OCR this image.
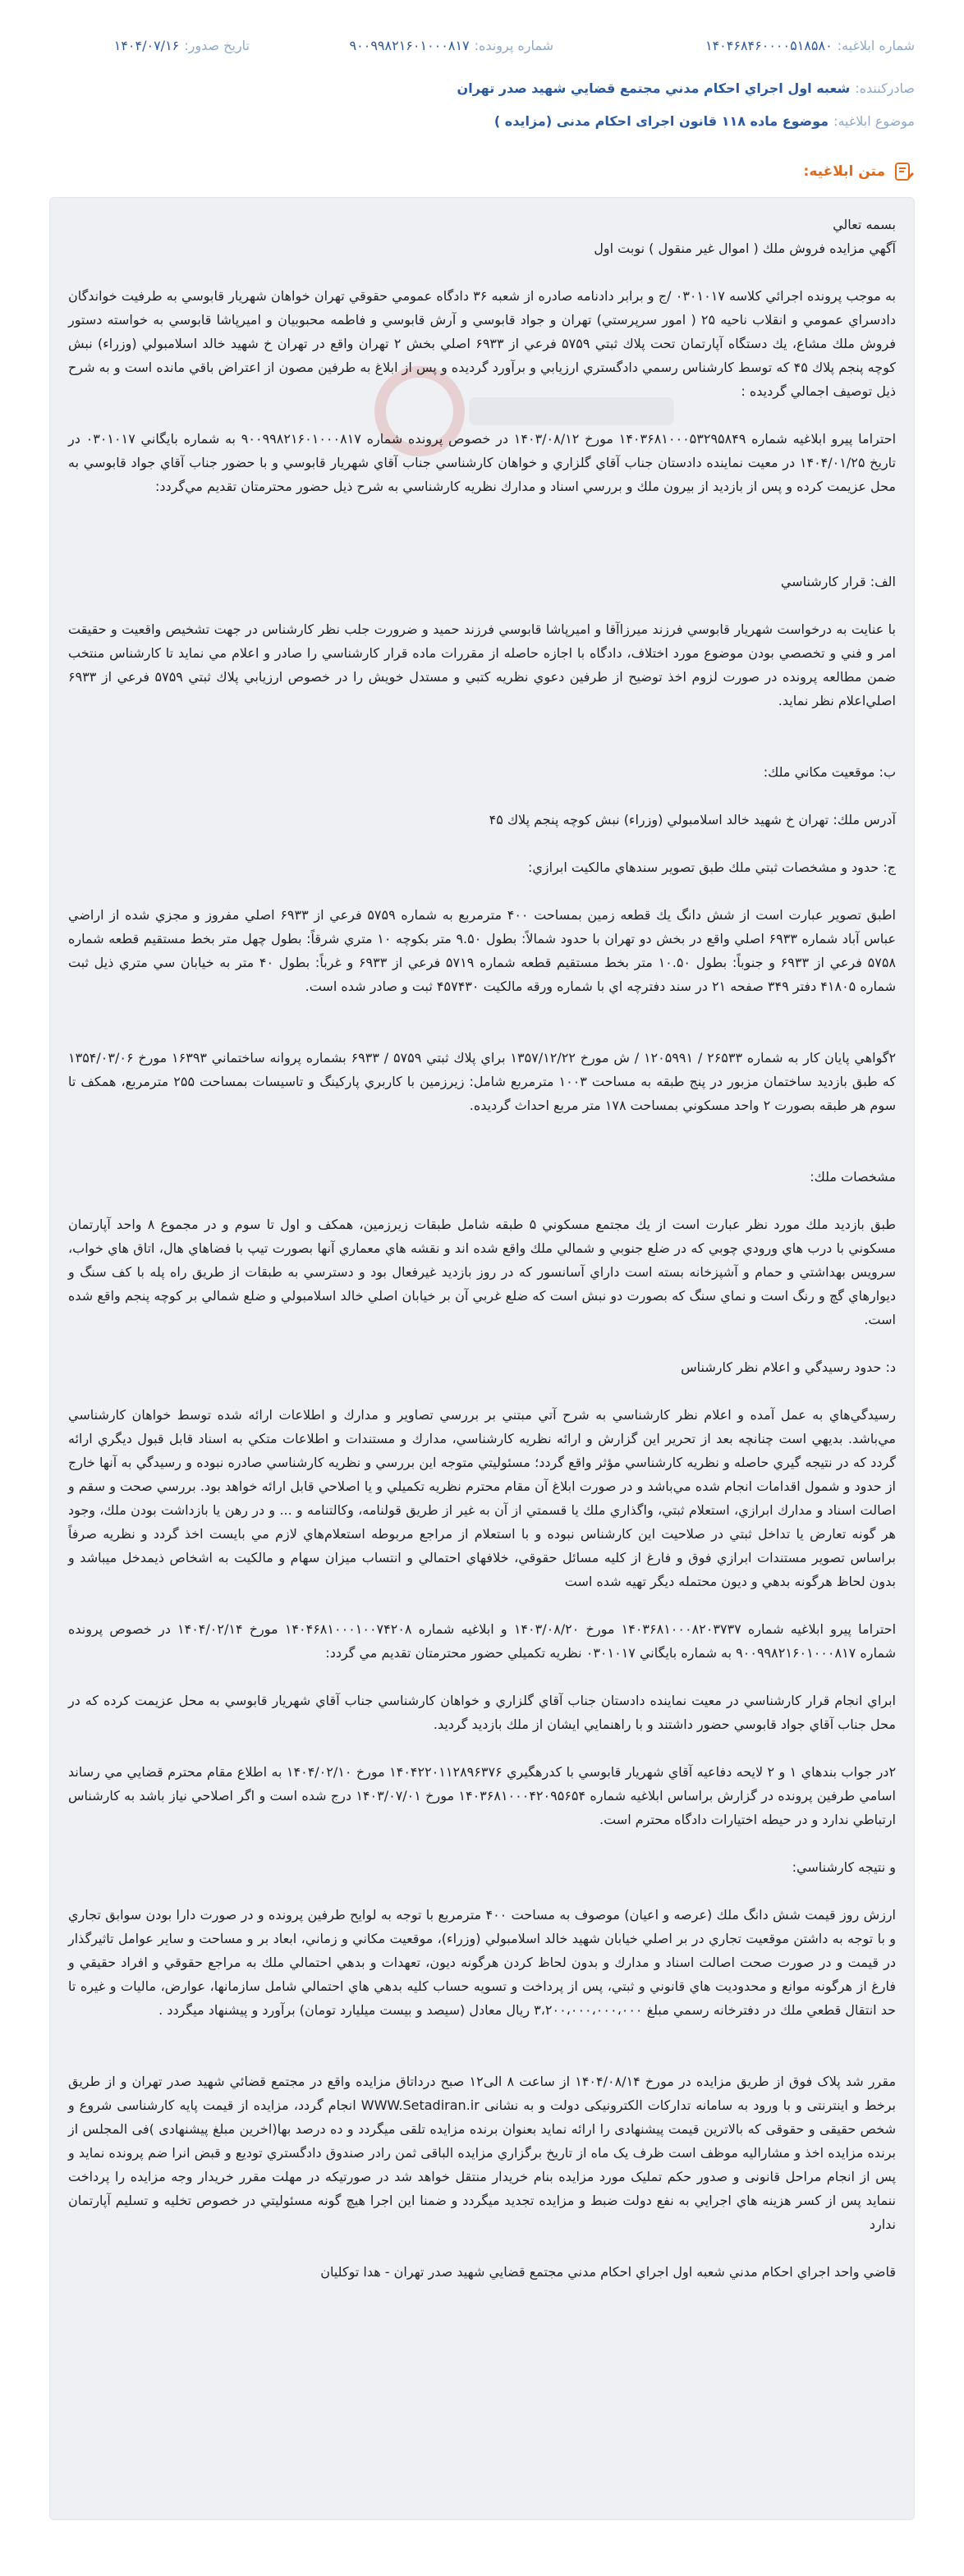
شماره ابلاغیه:۱۴۰۴۶۸۴۶۰۰۰۰۵۱۸۵۸۰
شماره پرونده:۹۰۰۹۹۸۲۱۶۰۱۰۰۰۸۱۷
تاریخ صدور:۱۴۰۴/۰۷/۱۶
صادرکننده:شعبه اول اجراي احكام مدني مجتمع قضايي شهيد صدر تهران
موضوع ابلاغیه:موضوع ماده ۱۱۸ قانون اجرای احکام مدنی (مزایده )
متن ابلاغیه:

بسمه تعالي

آگهي مزايده فروش ملك ( اموال غير منقول ) نوبت اول

به موجب پرونده اجرائي كلاسه ۰۳۰۱۰۱۷ /ج و برابر دادنامه صادره از شعبه ۳۶ دادگاه عمومي حقوقي تهران خواهان شهريار قابوسي به طرفيت خواندگان دادسراي عمومي و انقلاب ناحيه ۲۵ ( امور سرپرستي) تهران و جواد قابوسي و آرش قابوسي و فاطمه محبوبيان و اميرپاشا قابوسي به خواسته دستور فروش ملك مشاع، يك دستگاه آپارتمان تحت پلاك ثبتي ۵۷۵۹ فرعي از ۶۹۳۳ اصلي بخش ۲ تهران واقع در تهران خ شهيد خالد اسلامبولي (وزراء) نبش كوچه پنجم پلاك ۴۵ كه توسط كارشناس رسمي دادگستري ارزيابي و برآورد گرديده و پس از ابلاغ به طرفين مصون از اعتراض باقي مانده است و به شرح ذيل توصيف اجمالي گرديده :

احتراما پيرو ابلاغيه شماره ۱۴۰۳۶۸۱۰۰۰۵۳۲۹۵۸۴۹ مورخ ۱۴۰۳/۰۸/۱۲ در خصوص پرونده شماره ۹۰۰۹۹۸۲۱۶۰۱۰۰۰۸۱۷ به شماره بايگاني ۰۳۰۱۰۱۷ در تاريخ ۱۴۰۴/۰۱/۲۵ در معيت نماينده دادستان جناب آقاي گلزاري و خواهان كارشناسي جناب آقاي شهريار قابوسي و با حضور جناب آقاي جواد قابوسي به محل عزيمت كرده و پس از بازديد از بيرون ملك و بررسي اسناد و مدارك نظريه كارشناسي به شرح ذيل حضور محترمتان تقديم مي‌گردد:

الف: قرار كارشناسي

با عنايت به درخواست شهريار قابوسي فرزند ميرزاآقا و اميرپاشا قابوسي فرزند حميد و ضرورت جلب نظر كارشناس در جهت تشخيص واقعيت و حقيقت امر و فني و تخصصي بودن موضوع مورد اختلاف، دادگاه با اجازه حاصله از مقررات ماده قرار كارشناسي را صادر و اعلام مي نمايد تا كارشناس منتخب ضمن مطالعه پرونده در صورت لزوم اخذ توضيح از طرفين دعوي نظريه كتبي و مستدل خويش را در خصوص ارزيابي پلاك ثبتي ۵۷۵۹ فرعي از ۶۹۳۳ اصلي‌اعلام نظر نمايد.

ب: موقعيت مكاني ملك:

آدرس ملك: تهران خ شهيد خالد اسلامبولي (وزراء) نبش كوچه پنجم پلاك ۴۵

ج: حدود و مشخصات ثبتي ملك طبق تصوير سندهاي مالكيت ابرازي:

اطبق تصوير عبارت است از شش دانگ يك قطعه زمين بمساحت ۴۰۰ مترمربع به شماره ۵۷۵۹ فرعي از ۶۹۳۳ اصلي مفروز و مجزي شده از اراضي عباس آباد شماره ۶۹۳۳ اصلي واقع در بخش دو تهران با حدود شمالاً: بطول ۹.۵۰ متر بكوچه ۱۰ متري شرقاً: بطول چهل متر بخط مستقيم قطعه شماره ۵۷۵۸ فرعي از ۶۹۳۳ و جنوباً: بطول ۱۰.۵۰ متر بخط مستقيم قطعه شماره ۵۷۱۹ فرعي از ۶۹۳۳ و غرباً: بطول ۴۰ متر به خيابان سي متري ذيل ثبت شماره ۴۱۸۰۵ دفتر ۳۴۹ صفحه ۲۱ در سند دفترچه اي با شماره ورقه مالكيت ۴۵۷۴۳۰ ثبت و صادر شده است.

۲گواهي پايان كار به شماره ۲۶۵۳۳ / ۱۲۰۵۹۹۱ / ش مورخ ۱۳۵۷/۱۲/۲۲ براي پلاك ثبتي ۵۷۵۹ / ۶۹۳۳ بشماره پروانه ساختماني ۱۶۳۹۳ مورخ ۱۳۵۴/۰۳/۰۶ كه طبق بازديد ساختمان مزبور در پنج طبقه به مساحت ۱۰۰۳ مترمربع شامل: زيرزمين با كاربري پاركينگ و تاسيسات بمساحت ۲۵۵ مترمربع، همكف تا سوم هر طبقه بصورت ۲ واحد مسكوني بمساحت ۱۷۸ متر مربع احداث گرديده.

مشخصات ملك:

طبق بازديد ملك مورد نظر عبارت است از يك مجتمع مسكوني ۵ طبقه شامل طبقات زيرزمين، همكف و اول تا سوم و در مجموع ۸ واحد آپارتمان مسكوني با درب هاي ورودي چوبي كه در ضلع جنوبي و شمالي ملك واقع شده اند و نقشه هاي معماري آنها بصورت تيپ با فضاهاي هال، اتاق هاي خواب، سرويس بهداشتي و حمام و آشپزخانه بسته است داراي آسانسور كه در روز بازديد غيرفعال بود و دسترسي به طبقات از طريق راه پله با كف سنگ و ديوارهاي گچ و رنگ است و نماي سنگ كه بصورت دو نبش است كه ضلع غربي آن بر خيابان اصلي خالد اسلامبولي و ضلع شمالي بر كوچه پنجم واقع شده است.

د: حدود رسيدگي و اعلام نظر كارشناس

رسيدگي‌هاي به عمل آمده و اعلام نظر كارشناسي به شرح آتي مبتني بر بررسي تصاوير و مدارك و اطلاعات ارائه شده توسط خواهان كارشناسي مي‌باشد. بديهي است چنانچه بعد از تحرير اين گزارش و ارائه نظريه كارشناسي، مدارك و مستندات و اطلاعات متكي به اسناد قابل قبول ديگري ارائه گردد كه در نتيجه گيري حاصله و نظريه كارشناسي مؤثر واقع گردد؛ مسئوليتي متوجه اين بررسي و نظريه كارشناسي صادره نبوده و رسيدگي به آنها خارج از حدود و شمول اقدامات انجام شده مي‌باشد و در صورت ابلاغ آن مقام محترم نظريه تكميلي و يا اصلاحي قابل ارائه خواهد بود. بررسي صحت و سقم و اصالت اسناد و مدارك ابرازي، استعلام ثبتي، واگذاري ملك يا قسمتي از آن به غير از طريق قولنامه، وكالتنامه و ... و در رهن يا بازداشت بودن ملك، وجود هر گونه تعارض يا تداخل ثبتي در صلاحيت اين كارشناس نبوده و با استعلام از مراجع مربوطه استعلام‌هاي لازم مي بايست اخذ گردد و نظريه صرفاً براساس تصوير مستندات ابرازي فوق و فارغ از كليه مسائل حقوقي، خلافهاي احتمالي و انتساب ميزان سهام و مالكيت به اشخاص ذيمدخل ميباشد و بدون لحاظ هرگونه بدهي و ديون محتمله ديگر تهيه شده است

احتراما پيرو ابلاغيه شماره ۱۴۰۳۶۸۱۰۰۰۸۲۰۳۷۳۷ مورخ ۱۴۰۳/۰۸/۲۰ و ابلاغيه شماره ۱۴۰۴۶۸۱۰۰۰۱۰۰۷۴۲۰۸ مورخ ۱۴۰۴/۰۲/۱۴ در خصوص پرونده شماره ۹۰۰۹۹۸۲۱۶۰۱۰۰۰۸۱۷ به شماره بايگاني ۰۳۰۱۰۱۷ نظريه تكميلي حضور محترمتان تقديم مي گردد:

ابراي انجام قرار كارشناسي در معيت نماينده دادستان جناب آقاي گلزاري و خواهان كارشناسي جناب آقاي شهريار قابوسي به محل عزيمت كرده كه در محل جناب آقاي جواد قابوسي حضور داشتند و با راهنمايي ايشان از ملك بازديد گرديد.

۲در جواب بندهاي ۱ و ۲ لايحه دفاعيه آقاي شهريار قابوسي با كدرهگيري ۱۴۰۴۲۲۰۱۱۲۸۹۶۳۷۶ مورخ ۱۴۰۴/۰۲/۱۰ به اطلاع مقام محترم قضايي مي رساند اسامي طرفين پرونده در گزارش براساس ابلاغيه شماره ۱۴۰۳۶۸۱۰۰۰۴۲۰۹۵۶۵۴ مورخ ۱۴۰۳/۰۷/۰۱ درج شده است و اگر اصلاحي نياز باشد به كارشناس ارتباطي ندارد و در حيطه اختيارات دادگاه محترم است.

و نتيجه كارشناسي:

ارزش روز قيمت شش دانگ ملك (عرصه و اعيان) موصوف به مساحت ۴۰۰ مترمربع با توجه به لوايح طرفين پرونده و در صورت دارا بودن سوابق تجاري و با توجه به داشتن موقعيت تجاري در بر اصلي خيابان شهيد خالد اسلامبولي (وزراء)، موقعيت مكاني و زماني، ابعاد بر و مساحت و ساير عوامل تاثيرگذار در قيمت و در صورت صحت اصالت اسناد و مدارك و بدون لحاظ كردن هرگونه ديون، تعهدات و بدهي احتمالي ملك به مراجع حقوقي و افراد حقيقي و فارغ از هرگونه موانع و محدوديت هاي قانوني و ثبتي، پس از پرداخت و تسويه حساب كليه بدهي هاي احتمالي شامل سازمانها، عوارض، ماليات و غيره تا حد انتقال قطعي ملك در دفترخانه رسمي مبلغ ۳،۲۰۰،۰۰۰،۰۰۰،۰۰۰ ريال معادل (سيصد و بيست ميليارد تومان) برآورد و پيشنهاد ميگردد .

مقرر شد پلاک فوق از طریق مزایده در مورخ ۱۴۰۴/۰۸/۱۴ از ساعت ۸ الی۱۲ صبح درداتاق مزایده واقع در مجتمع قضائي شهيد صدر تهران و از طریق برخط و اینترنتی و با ورود به سامانه تدارکات الکترونیکی دولت و به نشانی WWW.Setadiran.ir انجام گردد، مزایده از قیمت پایه کارشناسی شروع و شخص حقیقی و حقوقی که بالاترین قیمت پیشنهادی را ارائه نماید بعنوان برنده مزایده تلقی میگردد و ده درصد بها(اخرین مبلغ پیشنهادی )فی المجلس از برنده مزايده اخذ و مشارالیه موظف است ظرف یک ماه از تاریخ برگزاري مزایده الباقی ثمن رادر صندوق دادگستري توديع و قبض انرا ضم پرونده نماید و پس از انجام مراحل قانونی و صدور حکم تمليک مورد مزايده بنام خريدار منتقل خواهد شد در صورتيکه در مهلت مقرر خريدار وجه مزايده را پرداخت ننمايد پس از کسر هزينه هاي اجرايي به نفع دولت ضبط و مزايده تجديد ميگردد و ضمنا اين اجرا هيچ گونه مسئوليتي در خصوص تخليه و تسليم آپارتمان ندارد

قاضي واحد اجراي احكام مدني شعبه اول اجراي احكام مدني مجتمع قضايي شهيد صدر تهران - هدا توكليان
